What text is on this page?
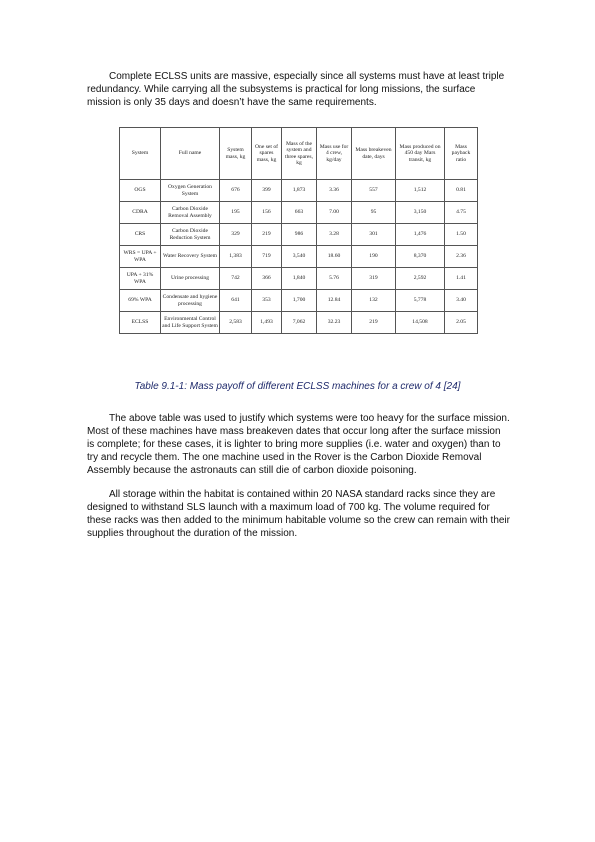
Complete ECLSS units are massive, especially since all systems must have at least triple redundancy. While carrying all the subsystems is practical for long missions, the surface mission is only 35 days and doesn’t have the same requirements.

System	Full name	System mass, kg	One set of spares mass, kg	Mass of the system and three spares, kg	Mass use for 4 crew, kg/day	Mass breakeven date, days	Mass produced on 450 day Mars transit, kg	Mass payback ratio
OGS	Oxygen Generation System	676	399	1,873	3.36	557	1,512	0.81
CDRA	Carbon Dioxide Removal Assembly	195	156	663	7.00	95	3,150	4.75
CRS	Carbon Dioxide Reduction System	329	219	986	3.28	301	1,476	1.50
WRS = UPA + WPA	Water Recovery System	1,383	719	3,540	18.60	190	8,370	2.36
UPA + 31% WPA	Urine processing	742	366	1,840	5.76	319	2,592	1.41
69% WPA	Condensate and hygiene processing	641	353	1,700	12.84	132	5,778	3.40
ECLSS	Environmental Control and Life Support System	2,583	1,493	7,062	32.23	219	14,508	2.05

Table 9.1-1: Mass payoff of different ECLSS machines for a crew of 4 [24]

The above table was used to justify which systems were too heavy for the surface mission. Most of these machines have mass breakeven dates that occur long after the surface mission is complete; for these cases, it is lighter to bring more supplies (i.e. water and oxygen) than to try and recycle them. The one machine used in the Rover is the Carbon Dioxide Removal Assembly because the astronauts can still die of carbon dioxide poisoning.

All storage within the habitat is contained within 20 NASA standard racks since they are designed to withstand SLS launch with a maximum load of 700 kg. The volume required for these racks was then added to the minimum habitable volume so the crew can remain with their supplies throughout the duration of the mission.
